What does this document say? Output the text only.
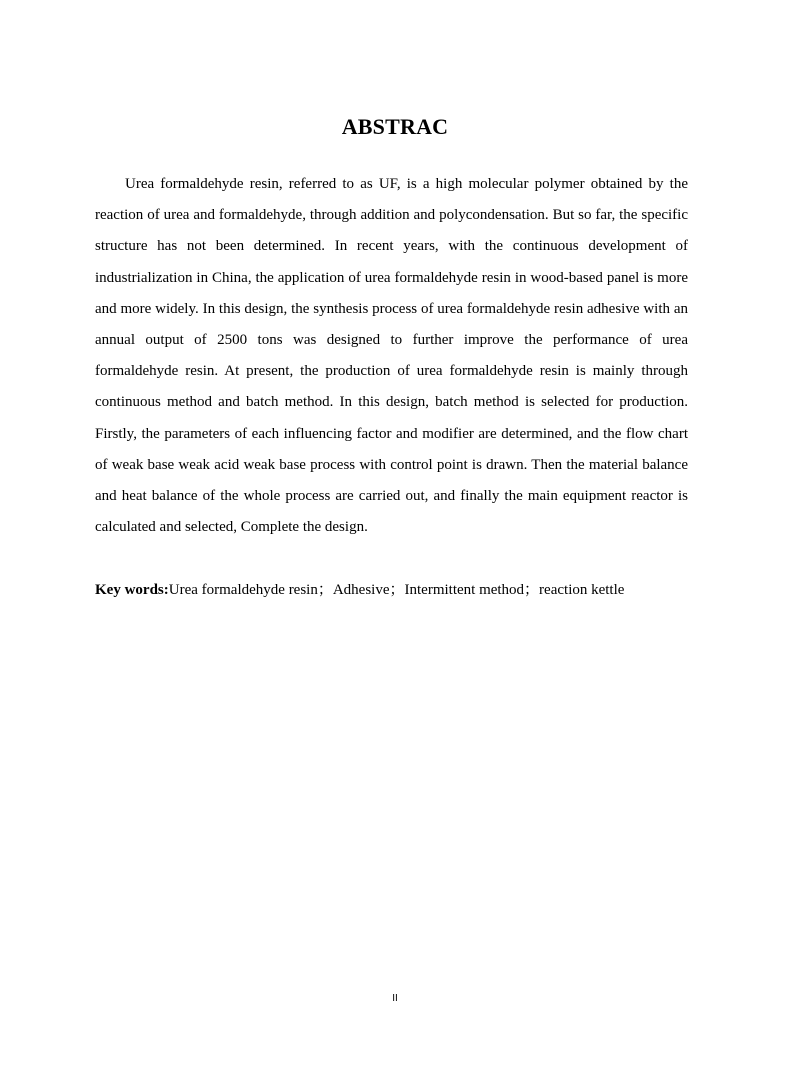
ABSTRAC

Urea formaldehyde resin, referred to as UF, is a high molecular polymer obtained by the reaction of urea and formaldehyde, through addition and polycondensation. But so far, the specific structure has not been determined. In recent years, with the continuous development of industrialization in China, the application of urea formaldehyde resin in wood-based panel is more and more widely. In this design, the synthesis process of urea formaldehyde resin adhesive with an annual output of 2500 tons was designed to further improve the performance of urea formaldehyde resin. At present, the production of urea formaldehyde resin is mainly through continuous method and batch method. In this design, batch method is selected for production. Firstly, the parameters of each influencing factor and modifier are determined, and the flow chart of weak base weak acid weak base process with control point is drawn. Then the material balance and heat balance of the whole process are carried out, and finally the main equipment reactor is calculated and selected, Complete the design.

Key words:Urea formaldehyde resin；Adhesive；Intermittent method；reaction kettle

II
